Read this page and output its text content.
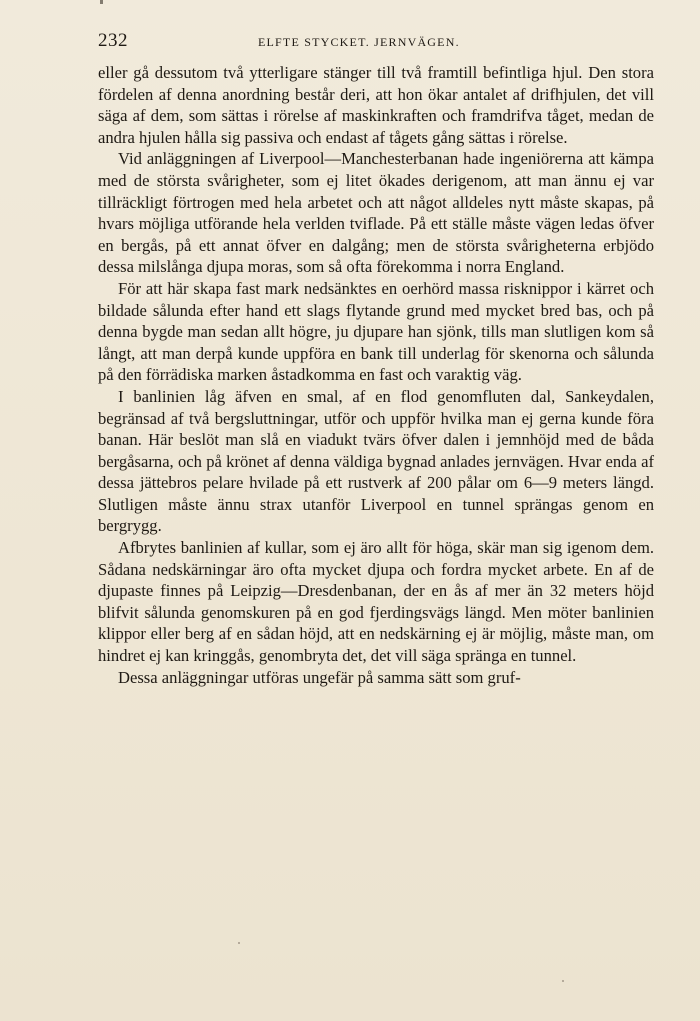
232	ELFTE STYCKET. JERNVÄGEN.

eller gå dessutom två ytterligare stänger till två framtill befintliga hjul. Den stora fördelen af denna anordning består deri, att hon ökar antalet af drifhjulen, det vill säga af dem, som sättas i rörelse af maskinkraften och framdrifva tåget, medan de andra hjulen hålla sig passiva och endast af tågets gång sättas i rörelse.

Vid anläggningen af Liverpool—Manchesterbanan hade ingeniörerna att kämpa med de största svårigheter, som ej litet ökades derigenom, att man ännu ej var tillräckligt förtrogen med hela arbetet och att något alldeles nytt måste skapas, på hvars möjliga utförande hela verlden tviflade. På ett ställe måste vägen ledas öfver en bergås, på ett annat öfver en dalgång; men de största svårigheterna erbjödo dessa milslånga djupa moras, som så ofta förekomma i norra England.

För att här skapa fast mark nedsänktes en oerhörd massa risknippor i kärret och bildade sålunda efter hand ett slags flytande grund med mycket bred bas, och på denna bygde man sedan allt högre, ju djupare han sjönk, tills man slutligen kom så långt, att man derpå kunde uppföra en bank till underlag för skenorna och sålunda på den förrädiska marken åstadkomma en fast och varaktig väg.

I banlinien låg äfven en smal, af en flod genomfluten dal, Sankeydalen, begränsad af två bergsluttningar, utför och uppför hvilka man ej gerna kunde föra banan. Här beslöt man slå en viadukt tvärs öfver dalen i jemnhöjd med de båda bergåsarna, och på krönet af denna väldiga bygnad anlades jernvägen. Hvar enda af dessa jättebros pelare hvilade på ett rustverk af 200 pålar om 6—9 meters längd. Slutligen måste ännu strax utanför Liverpool en tunnel sprängas genom en bergrygg.

Afbrytes banlinien af kullar, som ej äro allt för höga, skär man sig igenom dem. Sådana nedskärningar äro ofta mycket djupa och fordra mycket arbete. En af de djupaste finnes på Leipzig—Dresdenbanan, der en ås af mer än 32 meters höjd blifvit sålunda genomskuren på en god fjerdingsvägs längd. Men möter banlinien klippor eller berg af en sådan höjd, att en nedskärning ej är möjlig, måste man, om hindret ej kan kringgås, genombryta det, det vill säga spränga en tunnel.

Dessa anläggningar utföras ungefär på samma sätt som gruf-
